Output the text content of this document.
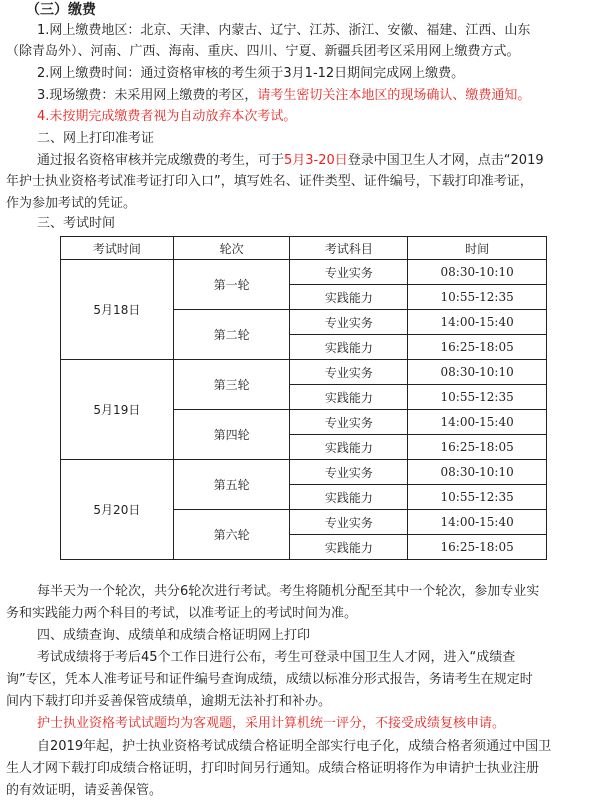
（三）缴费
1.网上缴费地区：北京、天津、内蒙古、辽宁、江苏、浙江、安徽、福建、江西、山东
（除青岛外）、河南、广西、海南、重庆、四川、宁夏、新疆兵团考区采用网上缴费方式。
2.网上缴费时间：通过资格审核的考生须于3月1-12日期间完成网上缴费。
3.现场缴费：未采用网上缴费的考区，请考生密切关注本地区的现场确认、缴费通知。
4.未按期完成缴费者视为自动放弃本次考试。
二、网上打印准考证
通过报名资格审核并完成缴费的考生，可于5月3-20日登录中国卫生人才网，点击“2019
年护士执业资格考试准考证打印入口”，填写姓名、证件类型、证件编号，下载打印准考证，
作为参加考试的凭证。
三、考试时间
考试时间	轮次	考试科目	时间
5月18日	第一轮	专业实务	08:30-10:10
		实践能力	10:55-12:35
	第二轮	专业实务	14:00-15:40
		实践能力	16:25-18:05
5月19日	第三轮	专业实务	08:30-10:10
		实践能力	10:55-12:35
	第四轮	专业实务	14:00-15:40
		实践能力	16:25-18:05
5月20日	第五轮	专业实务	08:30-10:10
		实践能力	10:55-12:35
	第六轮	专业实务	14:00-15:40
		实践能力	16:25-18:05
每半天为一个轮次，共分6轮次进行考试。考生将随机分配至其中一个轮次，参加专业实
务和实践能力两个科目的考试，以准考证上的考试时间为准。
四、成绩查询、成绩单和成绩合格证明网上打印
考试成绩将于考后45个工作日进行公布，考生可登录中国卫生人才网，进入“成绩查
询”专区，凭本人准考证号和证件编号查询成绩，成绩以标准分形式报告，务请考生在规定时
间内下载打印并妥善保管成绩单，逾期无法补打和补办。
护士执业资格考试试题均为客观题，采用计算机统一评分，不接受成绩复核申请。
自2019年起，护士执业资格考试成绩合格证明全部实行电子化，成绩合格者须通过中国卫
生人才网下载打印成绩合格证明，打印时间另行通知。成绩合格证明将作为申请护士执业注册
的有效证明，请妥善保管。
